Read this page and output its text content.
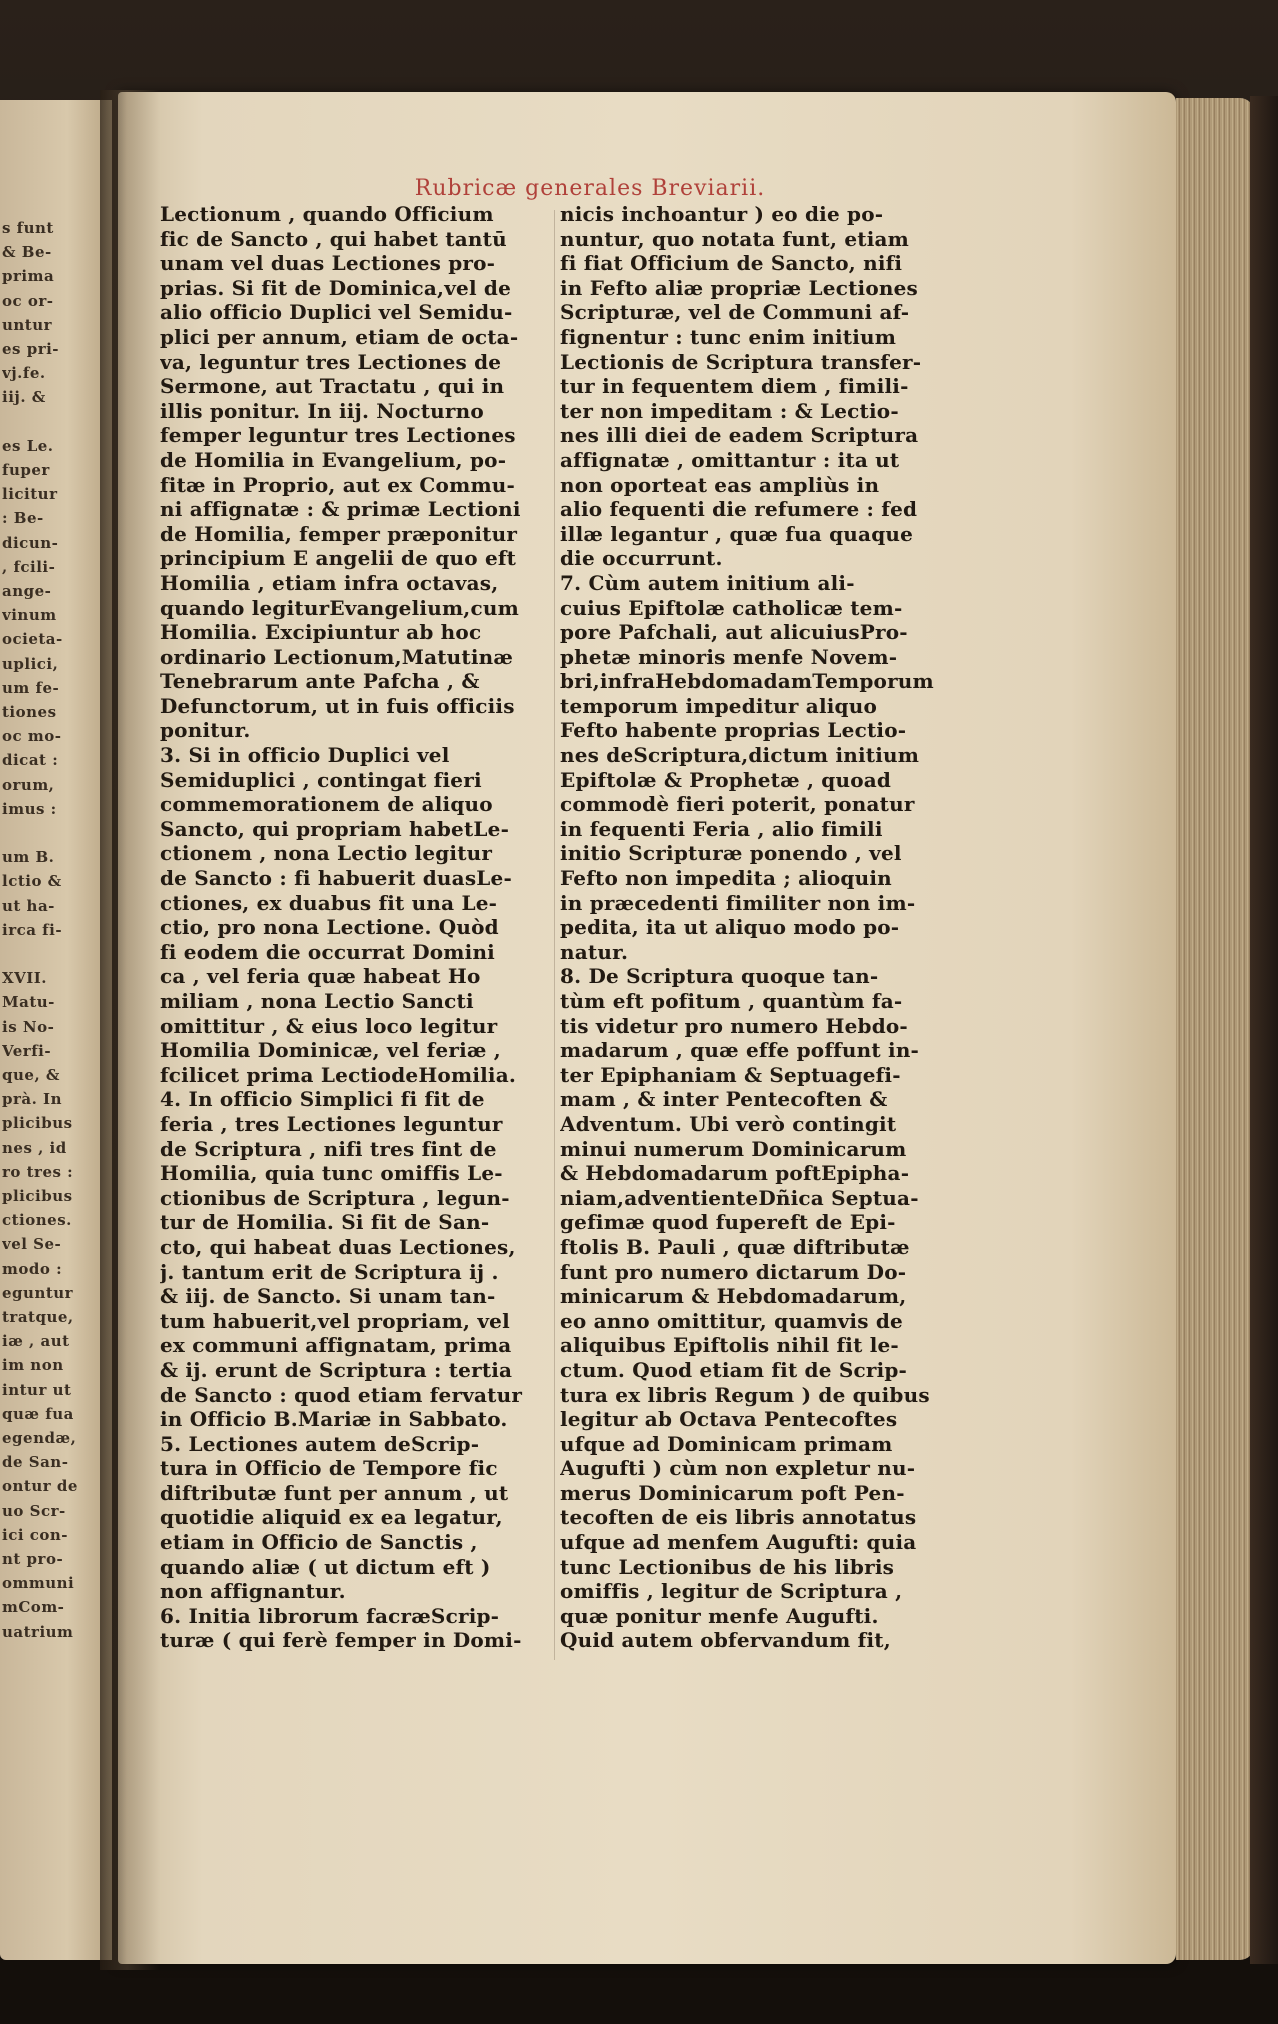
s funt
& Be-
prima
oc or-
untur
es pri-
vj.fe.
iij. &
es Le.
fuper
licitur
: Be-
dicun-
, fcili-
ange-
vinum
ocieta-
uplici,
um fe-
tiones
oc mo-
dicat :
orum,
imus :
um B.
lctio &
ut ha-
irca fi-
XVII.
Matu-
is No-
Verfi-
que, &
prà. In
plicibus
nes , id
ro tres :
plicibus
ctiones.
vel Se-
modo :
eguntur
tratque,
iæ , aut
im non
intur ut
quæ fua
egendæ,
de San-
ontur de
uo Scr-
ici con-
nt pro-
ommuni
mCom-
uatrium
Rubricæ generales Breviarii.
Lectionum , quando Officium
fic de Sancto , qui habet tantū
unam vel duas Lectiones pro-
prias. Si fit de Dominica,vel de
alio officio Duplici vel Semidu-
plici per annum, etiam de octa-
va, leguntur tres Lectiones de
Sermone, aut Tractatu , qui in
illis ponitur. In iij. Nocturno
femper leguntur tres Lectiones
de Homilia in Evangelium, po-
fitæ in Proprio, aut ex Commu-
ni affignatæ : & primæ Lectioni
de Homilia, femper præponitur
principium E angelii de quo eft
Homilia , etiam infra octavas,
quando legiturEvangelium,cum
Homilia. Excipiuntur ab hoc
ordinario Lectionum,Matutinæ
Tenebrarum ante Pafcha , &
Defunctorum, ut in fuis officiis
ponitur.
3. Si in officio Duplici vel
Semiduplici , contingat fieri
commemorationem de aliquo
Sancto, qui propriam habetLe-
ctionem , nona Lectio legitur
de Sancto : fi habuerit duasLe-
ctiones, ex duabus fit una Le-
ctio, pro nona Lectione. Quòd
fi eodem die occurrat Domini
ca , vel feria quæ habeat Ho
miliam , nona Lectio Sancti
omittitur , & eius loco legitur
Homilia Dominicæ, vel feriæ ,
fcilicet prima LectiodeHomilia.
4. In officio Simplici fi fit de
feria , tres Lectiones leguntur
de Scriptura , nifi tres fint de
Homilia, quia tunc omiffis Le-
ctionibus de Scriptura , legun-
tur de Homilia. Si fit de San-
cto, qui habeat duas Lectiones,
j. tantum erit de Scriptura ij .
& iij. de Sancto. Si unam tan-
tum habuerit,vel propriam, vel
ex communi affignatam, prima
& ij. erunt de Scriptura : tertia
de Sancto : quod etiam fervatur
in Officio B.Mariæ in Sabbato.
5. Lectiones autem deScrip-
tura in Officio de Tempore fic
diftributæ funt per annum , ut
quotidie aliquid ex ea legatur,
etiam in Officio de Sanctis ,
quando aliæ ( ut dictum eft )
non affignantur.
6. Initia librorum facræScrip-
turæ ( qui ferè femper in Domi-
nicis inchoantur ) eo die po-
nuntur, quo notata funt, etiam
fi fiat Officium de Sancto, nifi
in Fefto aliæ propriæ Lectiones
Scripturæ, vel de Communi af-
fignentur : tunc enim initium
Lectionis de Scriptura transfer-
tur in fequentem diem , fimili-
ter non impeditam : & Lectio-
nes illi diei de eadem Scriptura
affignatæ , omittantur : ita ut
non oporteat eas ampliùs in
alio fequenti die refumere : fed
illæ legantur , quæ fua quaque
die occurrunt.
7. Cùm autem initium ali-
cuius Epiftolæ catholicæ tem-
pore Pafchali, aut alicuiusPro-
phetæ minoris menfe Novem-
bri,infraHebdomadamTemporum
temporum impeditur aliquo
Fefto habente proprias Lectio-
nes deScriptura,dictum initium
Epiftolæ & Prophetæ , quoad
commodè fieri poterit, ponatur
in fequenti Feria , alio fimili
initio Scripturæ ponendo , vel
Fefto non impedita ; alioquin
in præcedenti fimiliter non im-
pedita, ita ut aliquo modo po-
natur.
8. De Scriptura quoque tan-
tùm eft pofitum , quantùm fa-
tis videtur pro numero Hebdo-
madarum , quæ effe poffunt in-
ter Epiphaniam & Septuagefi-
mam , & inter Pentecoften &
Adventum. Ubi verò contingit
minui numerum Dominicarum
& Hebdomadarum poftEpipha-
niam,adventienteDñica Septua-
gefimæ quod fupereft de Epi-
ftolis B. Pauli , quæ diftributæ
funt pro numero dictarum Do-
minicarum & Hebdomadarum,
eo anno omittitur, quamvis de
aliquibus Epiftolis nihil fit le-
ctum. Quod etiam fit de Scrip-
tura ex libris Regum ) de quibus
legitur ab Octava Pentecoftes
ufque ad Dominicam primam
Augufti ) cùm non expletur nu-
merus Dominicarum poft Pen-
tecoften de eis libris annotatus
ufque ad menfem Augufti: quia
tunc Lectionibus de his libris
omiffis , legitur de Scriptura ,
quæ ponitur menfe Augufti.
Quid autem obfervandum fit,
